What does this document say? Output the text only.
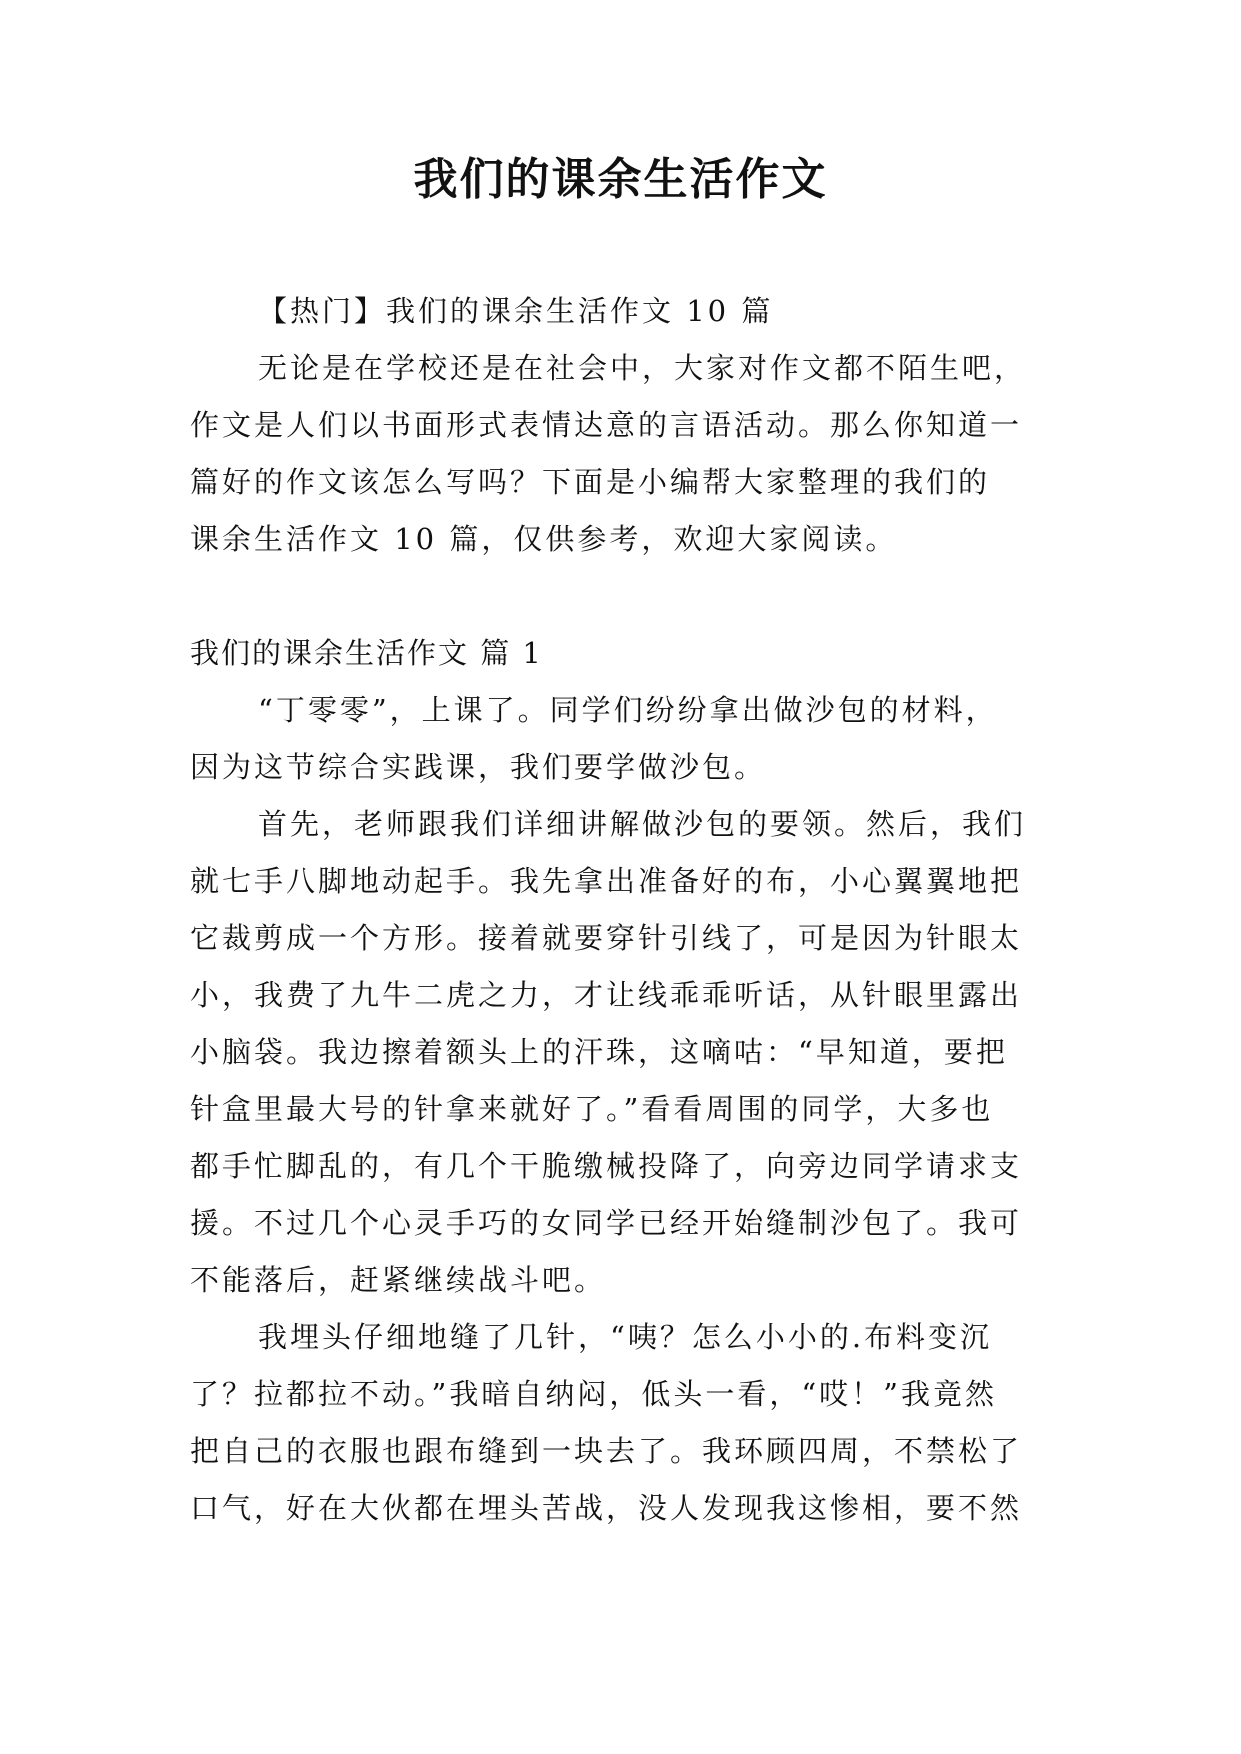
我们的课余生活作文
【热门】我们的课余生活作文 10 篇
无论是在学校还是在社会中，大家对作文都不陌生吧，
作文是人们以书面形式表情达意的言语活动。那么你知道一
篇好的作文该怎么写吗？下面是小编帮大家整理的我们的
课余生活作文 10 篇，仅供参考，欢迎大家阅读。
我们的课余生活作文 篇 1
“丁零零”，上课了。同学们纷纷拿出做沙包的材料，
因为这节综合实践课，我们要学做沙包。
首先，老师跟我们详细讲解做沙包的要领。然后，我们
就七手八脚地动起手。我先拿出准备好的布，小心翼翼地把
它裁剪成一个方形。接着就要穿针引线了，可是因为针眼太
小，我费了九牛二虎之力，才让线乖乖听话，从针眼里露出
小脑袋。我边擦着额头上的汗珠，这嘀咕：“早知道，要把
针盒里最大号的针拿来就好了。”看看周围的同学，大多也
都手忙脚乱的，有几个干脆缴械投降了，向旁边同学请求支
援。不过几个心灵手巧的女同学已经开始缝制沙包了。我可
不能落后，赶紧继续战斗吧。
我埋头仔细地缝了几针，“咦？怎么小小的.布料变沉
了？拉都拉不动。”我暗自纳闷，低头一看，“哎！”我竟然
把自己的衣服也跟布缝到一块去了。我环顾四周，不禁松了
口气，好在大伙都在埋头苦战，没人发现我这惨相，要不然
